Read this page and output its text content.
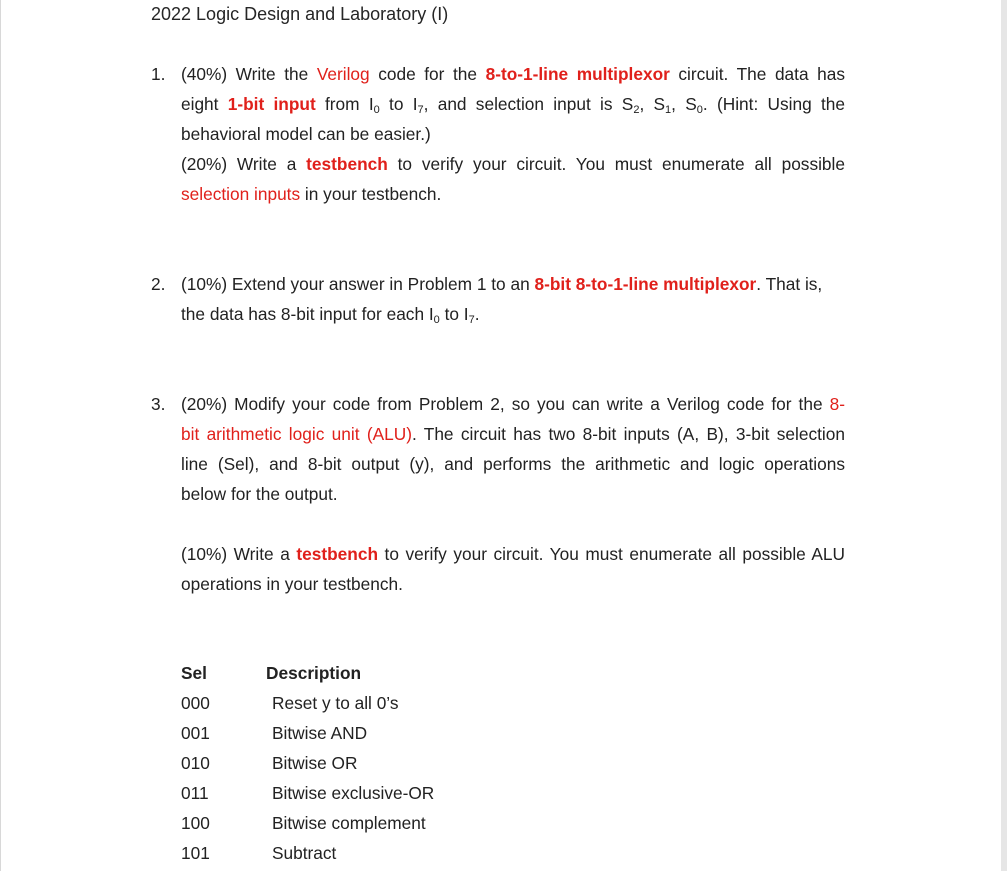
2022 Logic Design and Laboratory (I)
1. (40%) Write the Verilog code for the 8-to-1-line multiplexor circuit. The data has
eight 1-bit input from $I_0$ to $I_7$, and selection input is $S_2$, $S_1$, $S_0$. (Hint: Using the
behavioral model can be easier.)
(20%) Write a testbench to verify your circuit. You must enumerate all possible
selection inputs in your testbench.
2. (10%) Extend your answer in Problem 1 to an 8-bit 8-to-1-line multiplexor. That is,
the data has 8-bit input for each $I_0$ to $I_7$.
3. (20%) Modify your code from Problem 2, so you can write a Verilog code for the 8-
bit arithmetic logic unit (ALU). The circuit has two 8-bit inputs (A, B), 3-bit selection
line (Sel), and 8-bit output (y), and performs the arithmetic and logic operations
below for the output.
(10%) Write a testbench to verify your circuit. You must enumerate all possible ALU
operations in your testbench.
Sel	Description
000	Reset y to all 0’s
001	Bitwise AND
010	Bitwise OR
011	Bitwise exclusive-OR
100	Bitwise complement
101	Subtract
